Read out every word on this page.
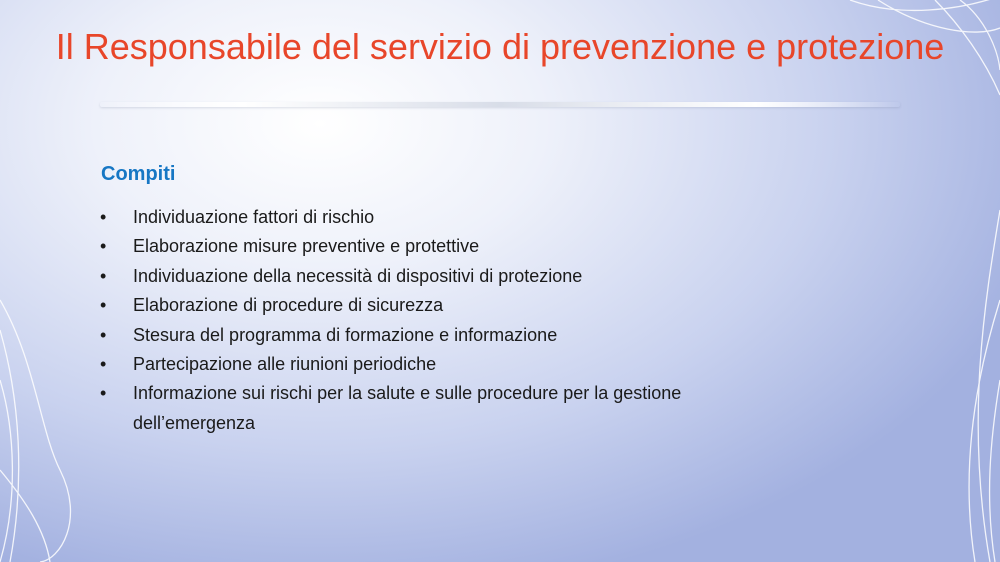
Il Responsabile del servizio di prevenzione e protezione
Compiti
•	Individuazione fattori di rischio
•	Elaborazione misure preventive e protettive
•	Individuazione della necessità di dispositivi di protezione
•	Elaborazione di procedure di sicurezza
•	Stesura del programma di formazione e informazione
•	Partecipazione alle riunioni periodiche
•	Informazione sui rischi per la salute e sulle procedure per la gestione dell’emergenza
